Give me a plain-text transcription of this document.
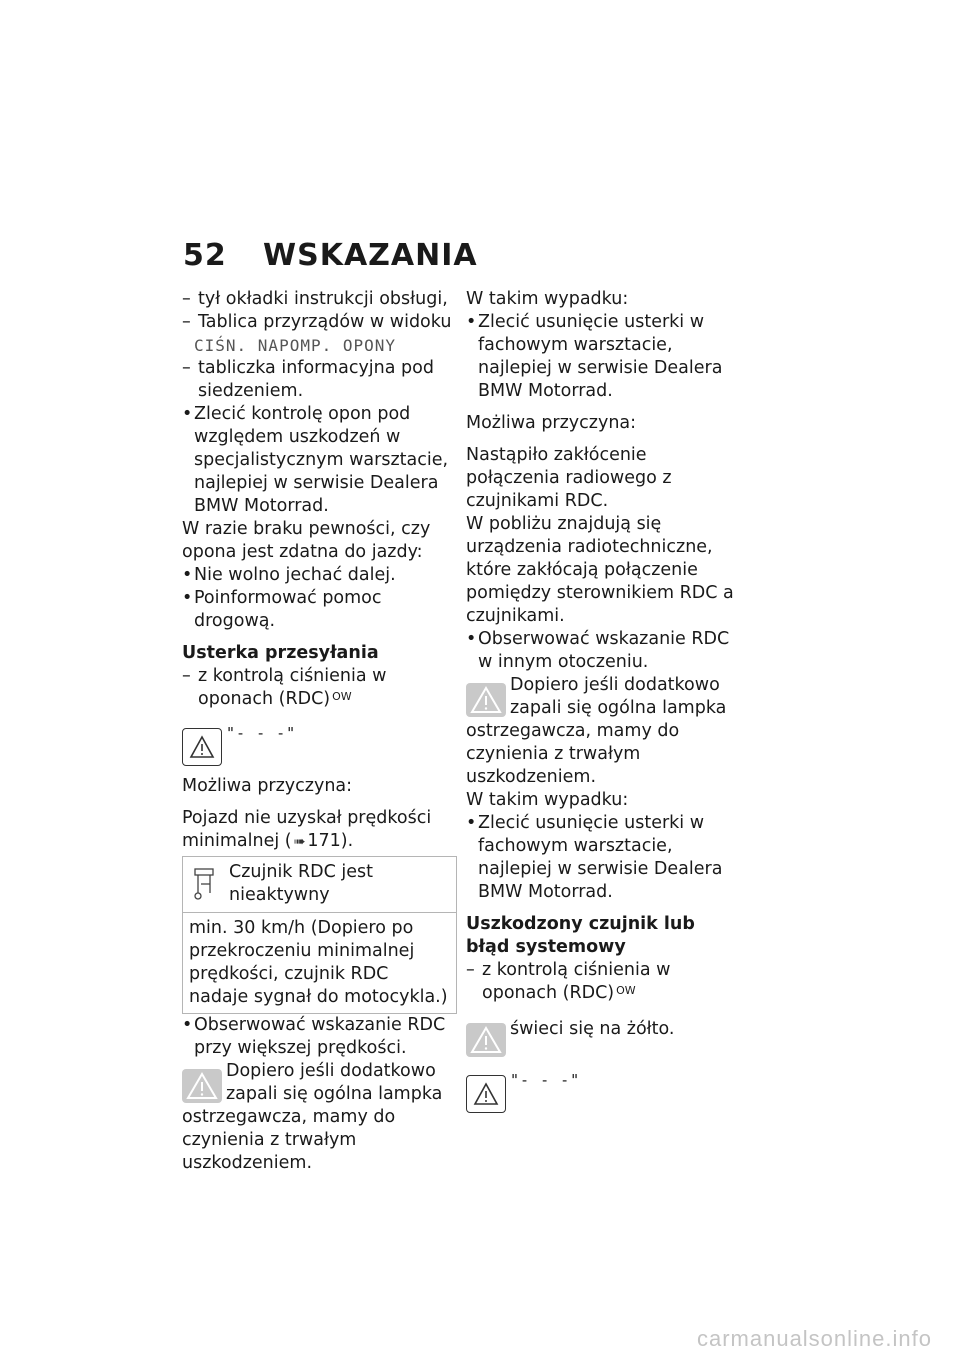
52	WSKAZANIA

– tył okładki instrukcji obsługi,

– Tablica przyrządów w widoku

CIŚN. NAPOMP. OPONY

– tabliczka informacyjna pod siedzeniem.

• Zlecić kontrolę opon pod względem uszkodzeń w specjalistycznym warsztacie, najlepiej w serwisie Dealera BMW Motorrad.

W razie braku pewności, czy opona jest zdatna do jazdy:

• Nie wolno jechać dalej.

• Poinformować pomoc drogową.

Usterka przesyłania

– z kontrolą ciśnienia w oponach (RDC) $^{OW}$

"- - -"

Możliwa przyczyna:

Pojazd nie uzyskał prędkości minimalnej ( ➠ 171).

Czujnik RDC jest nieaktywny
min. 30 km/h (Dopiero po przekroczeniu minimalnej prędkości, czujnik RDC nadaje sygnał do motocykla.)

• Obserwować wskazanie RDC przy większej prędkości.

Dopiero jeśli dodatkowo zapali się ogólna lampka

ostrzegawcza, mamy do czynienia z trwałym uszkodzeniem.

W takim wypadku:

• Zlecić usunięcie usterki w fachowym warsztacie, najlepiej w serwisie Dealera BMW Motorrad.

Możliwa przyczyna:

Nastąpiło zakłócenie połączenia radiowego z czujnikami RDC.

W pobliżu znajdują się urządzenia radiotechniczne, które zakłócają połączenie pomiędzy sterownikiem RDC a czujnikami.

• Obserwować wskazanie RDC w innym otoczeniu.

Dopiero jeśli dodatkowo zapali się ogólna lampka

ostrzegawcza, mamy do czynienia z trwałym uszkodzeniem.

W takim wypadku:

• Zlecić usunięcie usterki w fachowym warsztacie, najlepiej w serwisie Dealera BMW Motorrad.

Uszkodzony czujnik lub błąd systemowy

– z kontrolą ciśnienia w oponach (RDC) $^{OW}$

świeci się na żółto.
"- - -"
carmanualsonline.info
